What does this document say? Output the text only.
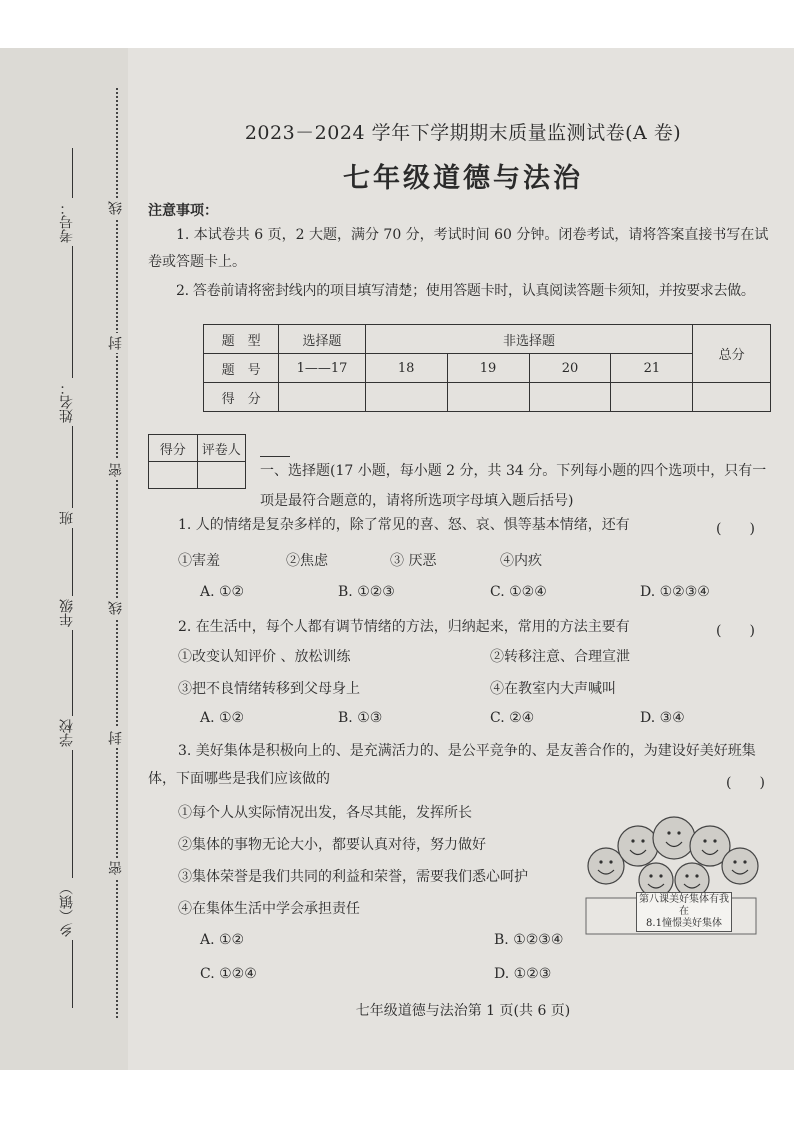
考号：
姓名：
班
年级
学校
乡（镇）
线
封
密
线
封
密
2023－2024 学年下学期期末质量监测试卷(A 卷)
七年级道德与法治
注意事项：

1. 本试卷共 6 页，2 大题，满分 70 分，考试时间 60 分钟。闭卷考试，请将答案直接书写在试卷或答题卡上。

2. 答卷前请将密封线内的项目填写清楚；使用答题卡时，认真阅读答题卡须知，并按要求去做。

题　型	选择题	非选择题				总分
题　号	1——17	18	19	20	21	
得　分						
得分	评卷人

一、选择题(17 小题，每小题 2 分，共 34 分。下列每小题的四个选项中，只有一项是最符合题意的，请将所选项字母填入题后括号)
1. 人的情绪是复杂多样的，除了常见的喜、怒、哀、惧等基本情绪，还有	(　　)
①害羞	②焦虑	③ 厌恶	④内疚
A. ①②	B. ①②③	C. ①②④	D. ①②③④
2. 在生活中，每个人都有调节情绪的方法，归纳起来，常用的方法主要有	(　　)
①改变认知评价 、放松训练	②转移注意、合理宣泄
③把不良情绪转移到父母身上	④在教室内大声喊叫
A. ①②	B. ①③	C. ②④	D. ③④
3. 美好集体是积极向上的、是充满活力的、是公平竞争的、是友善合作的，为建设好美好班集
体，下面哪些是我们应该做的	(　　)
①每个人从实际情况出发，各尽其能，发挥所长
②集体的事物无论大小，都要认真对待，努力做好
③集体荣誉是我们共同的利益和荣誉，需要我们悉心呵护
④在集体生活中学会承担责任
A. ①②	B. ①②③④
第八课美好集体有我在
8.1憧憬美好集体
C. ①②④	D. ①②③
七年级道德与法治第 1 页(共 6 页)
